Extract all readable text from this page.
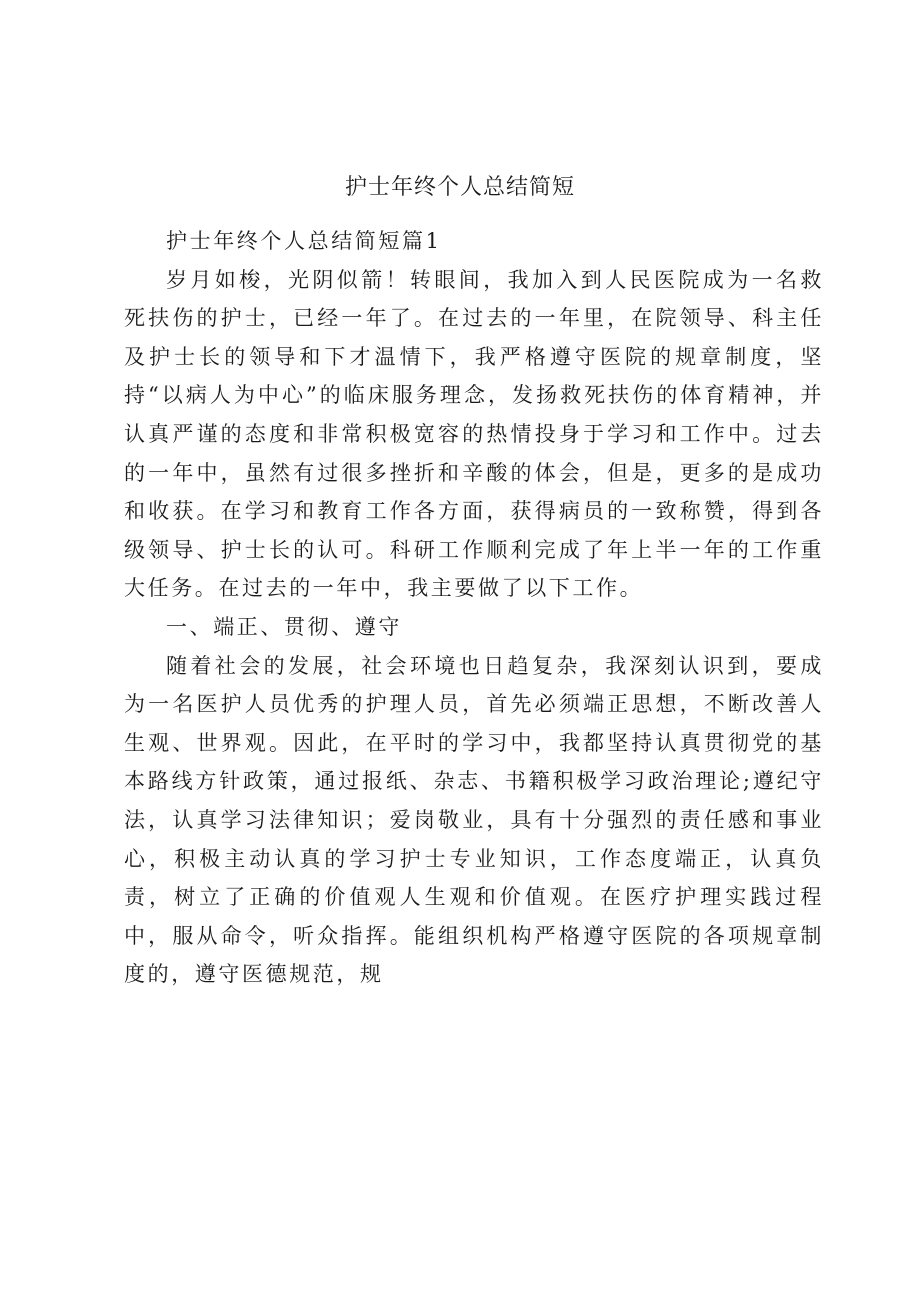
护士年终个人总结简短

护士年终个人总结简短篇1

岁月如梭，光阴似箭！转眼间，我加入到人民医院成为一名救死扶伤的护士，已经一年了。在过去的一年里，在院领导、科主任及护士长的领导和下才温情下，我严格遵守医院的规章制度，坚持“以病人为中心”的临床服务理念，发扬救死扶伤的体育精神，并认真严谨的态度和非常积极宽容的热情投身于学习和工作中。过去的一年中，虽然有过很多挫折和辛酸的体会，但是，更多的是成功和收获。在学习和教育工作各方面，获得病员的一致称赞，得到各级领导、护士长的认可。科研工作顺利完成了年上半一年的工作重大任务。在过去的一年中，我主要做了以下工作。

一、端正、贯彻、遵守

随着社会的发展，社会环境也日趋复杂，我深刻认识到，要成为一名医护人员优秀的护理人员，首先必须端正思想，不断改善人生观、世界观。因此，在平时的学习中，我都坚持认真贯彻党的基本路线方针政策，通过报纸、杂志、书籍积极学习政治理论;遵纪守法，认真学习法律知识；爱岗敬业，具有十分强烈的责任感和事业心，积极主动认真的学习护士专业知识，工作态度端正，认真负责，树立了正确的价值观人生观和价值观。在医疗护理实践过程中，服从命令，听众指挥。能组织机构严格遵守医院的各项规章制度的，遵守医德规范，规
